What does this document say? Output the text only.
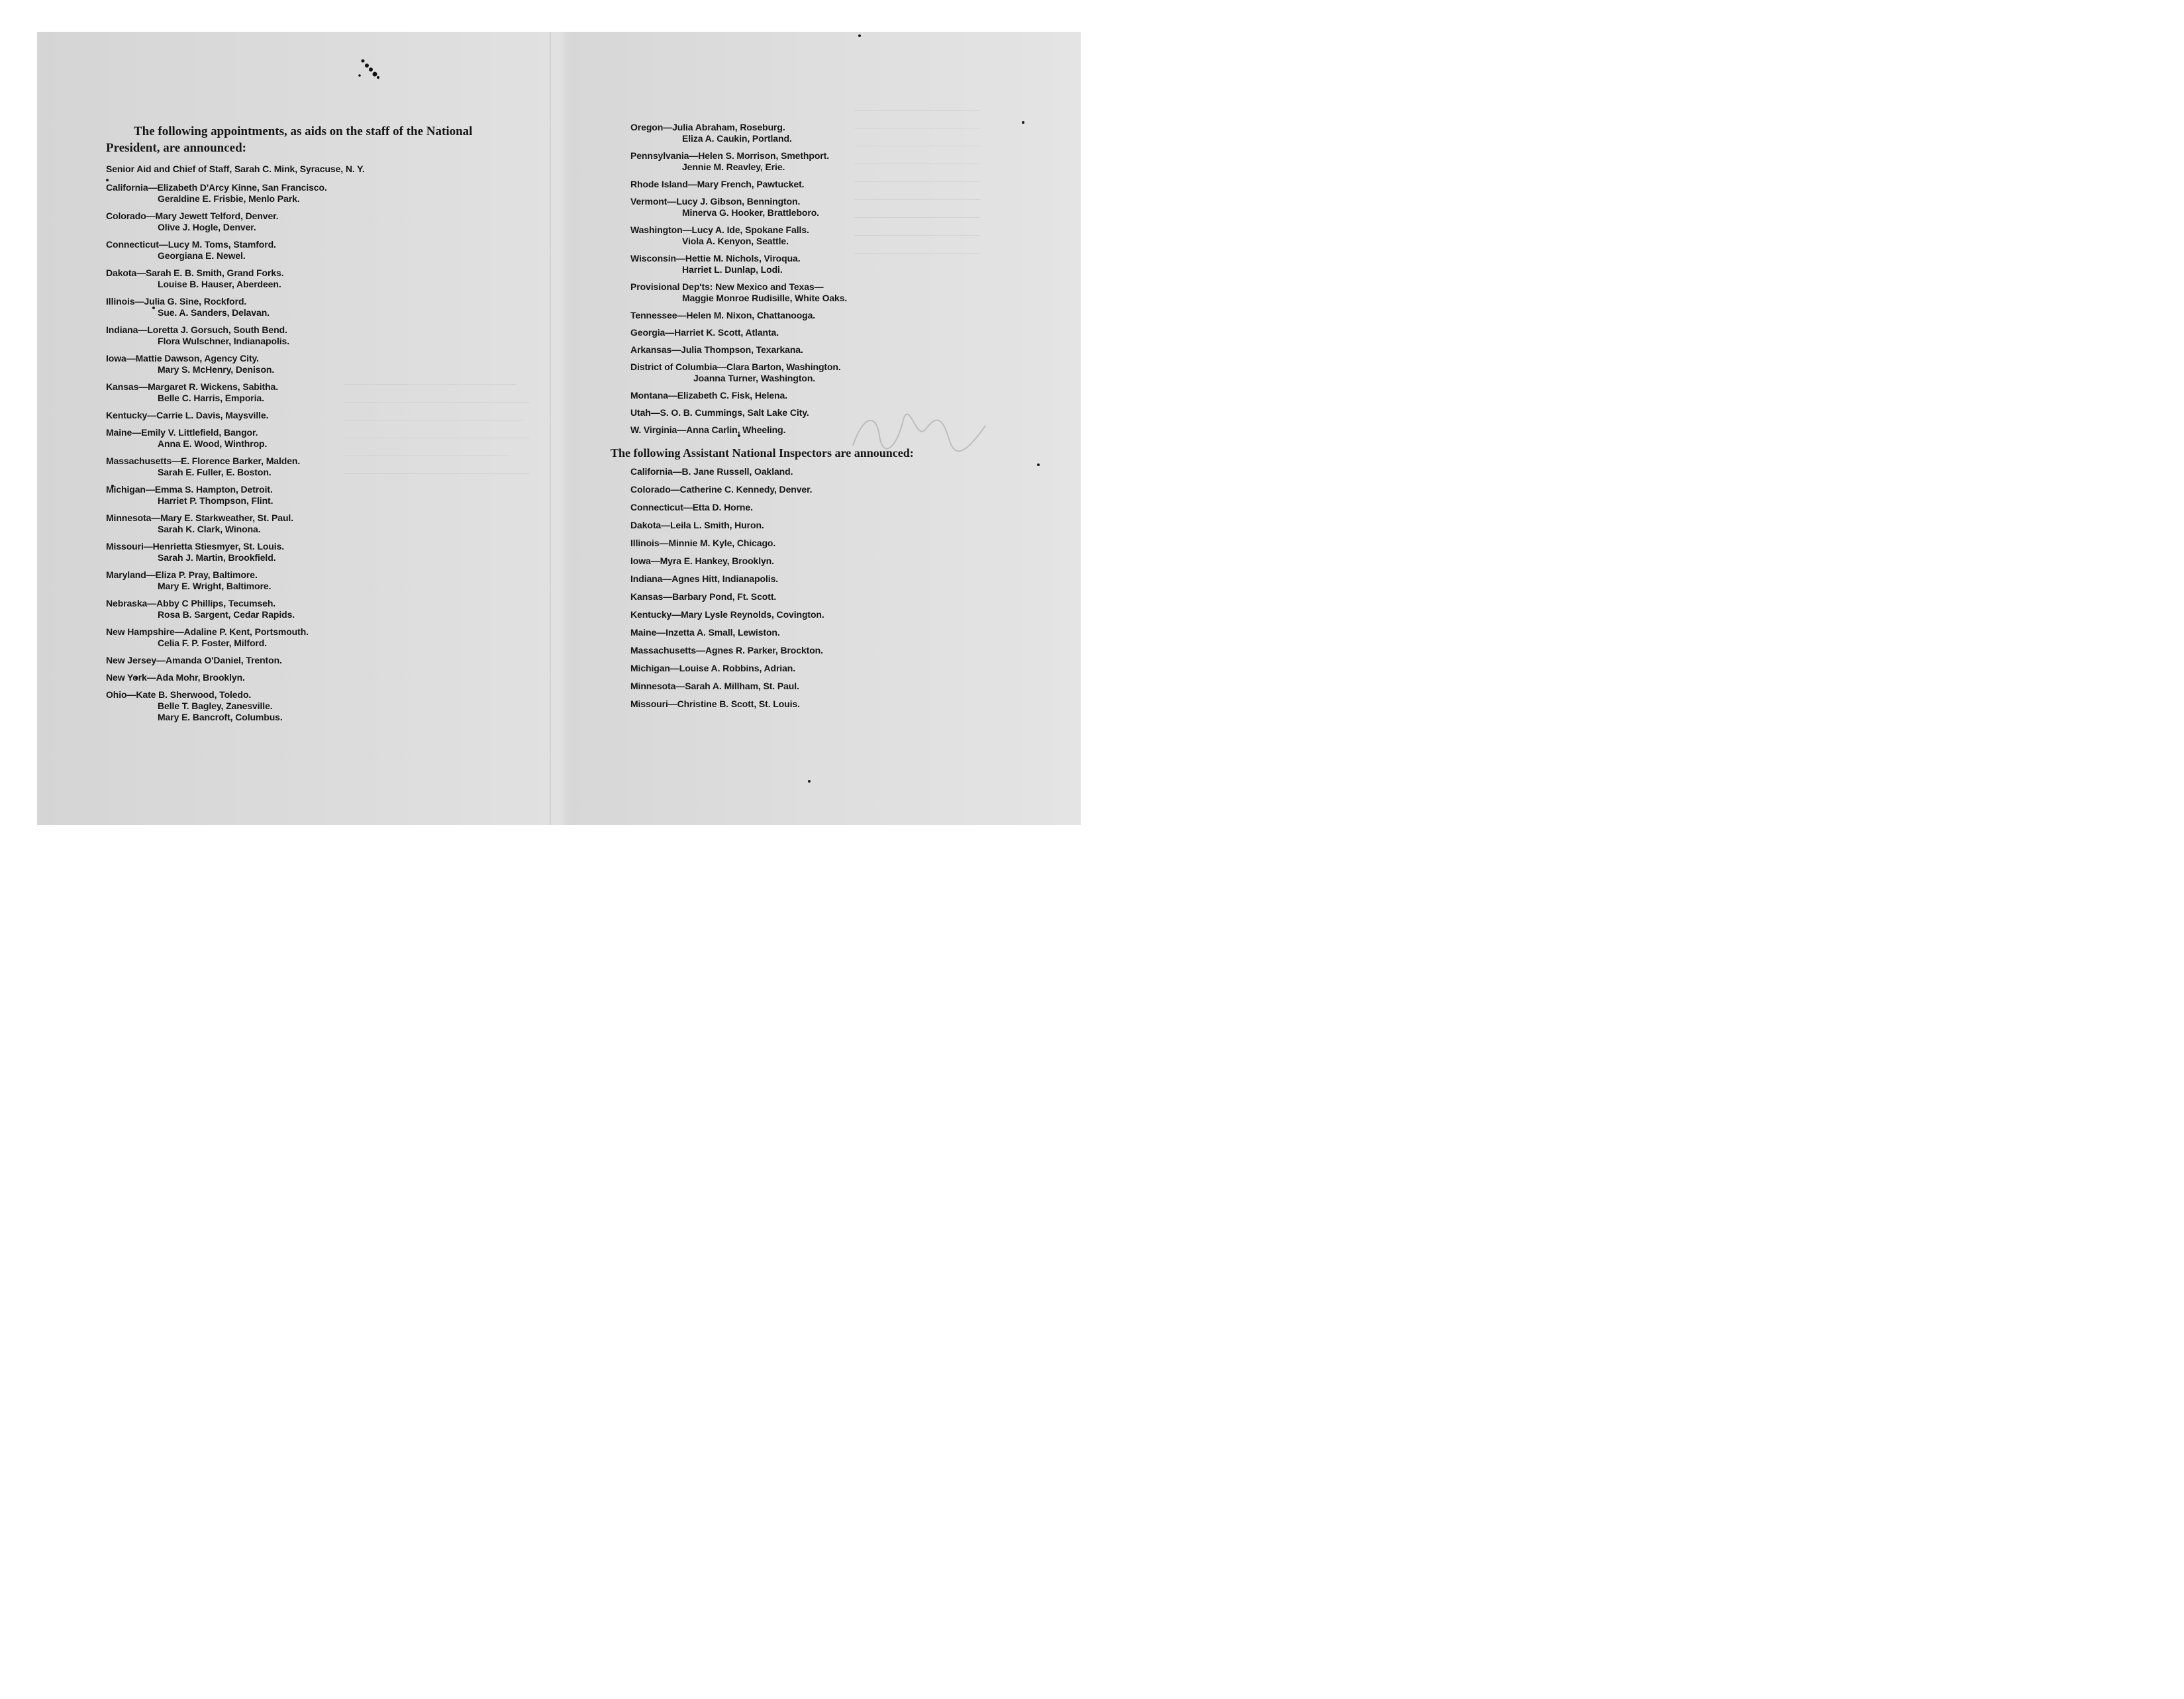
The following appointments, as aids on the staff of the National President, are announced:

Senior Aid and Chief of Staff, Sarah C. Mink, Syracuse, N. Y.
California—Elizabeth D'Arcy Kinne, San Francisco.
Geraldine E. Frisbie, Menlo Park.
Colorado—Mary Jewett Telford, Denver.
Olive J. Hogle, Denver.
Connecticut—Lucy M. Toms, Stamford.
Georgiana E. Newel.
Dakota—Sarah E. B. Smith, Grand Forks.
Louise B. Hauser, Aberdeen.
Illinois—Julia G. Sine, Rockford.
Sue. A. Sanders, Delavan.
Indiana—Loretta J. Gorsuch, South Bend.
Flora Wulschner, Indianapolis.
Iowa—Mattie Dawson, Agency City.
Mary S. McHenry, Denison.
Kansas—Margaret R. Wickens, Sabitha.
Belle C. Harris, Emporia.
Kentucky—Carrie L. Davis, Maysville.
Maine—Emily V. Littlefield, Bangor.
Anna E. Wood, Winthrop.
Massachusetts—E. Florence Barker, Malden.
Sarah E. Fuller, E. Boston.
Michigan—Emma S. Hampton, Detroit.
Harriet P. Thompson, Flint.
Minnesota—Mary E. Starkweather, St. Paul.
Sarah K. Clark, Winona.
Missouri—Henrietta Stiesmyer, St. Louis.
Sarah J. Martin, Brookfield.
Maryland—Eliza P. Pray, Baltimore.
Mary E. Wright, Baltimore.
Nebraska—Abby C Phillips, Tecumseh.
Rosa B. Sargent, Cedar Rapids.
New Hampshire—Adaline P. Kent, Portsmouth.
Celia F. P. Foster, Milford.
New Jersey—Amanda O'Daniel, Trenton.
New York—Ada Mohr, Brooklyn.
Ohio—Kate B. Sherwood, Toledo.
Belle T. Bagley, Zanesville.
Mary E. Bancroft, Columbus.
Oregon—Julia Abraham, Roseburg.
Eliza A. Caukin, Portland.
Pennsylvania—Helen S. Morrison, Smethport.
Jennie M. Reavley, Erie.
Rhode Island—Mary French, Pawtucket.
Vermont—Lucy J. Gibson, Bennington.
Minerva G. Hooker, Brattleboro.
Washington—Lucy A. Ide, Spokane Falls.
Viola A. Kenyon, Seattle.
Wisconsin—Hettie M. Nichols, Viroqua.
Harriet L. Dunlap, Lodi.
Provisional Dep'ts: New Mexico and Texas—
Maggie Monroe Rudisille, White Oaks.
Tennessee—Helen M. Nixon, Chattanooga.
Georgia—Harriet K. Scott, Atlanta.
Arkansas—Julia Thompson, Texarkana.
District of Columbia—Clara Barton, Washington.
Joanna Turner, Washington.
Montana—Elizabeth C. Fisk, Helena.
Utah—S. O. B. Cummings, Salt Lake City.
W. Virginia—Anna Carlin, Wheeling.
The following Assistant National Inspectors are announced:
California—B. Jane Russell, Oakland.
Colorado—Catherine C. Kennedy, Denver.
Connecticut—Etta D. Horne.
Dakota—Leila L. Smith, Huron.
Illinois—Minnie M. Kyle, Chicago.
Iowa—Myra E. Hankey, Brooklyn.
Indiana—Agnes Hitt, Indianapolis.
Kansas—Barbary Pond, Ft. Scott.
Kentucky—Mary Lysle Reynolds, Covington.
Maine—Inzetta A. Small, Lewiston.
Massachusetts—Agnes R. Parker, Brockton.
Michigan—Louise A. Robbins, Adrian.
Minnesota—Sarah A. Millham, St. Paul.
Missouri—Christine B. Scott, St. Louis.
